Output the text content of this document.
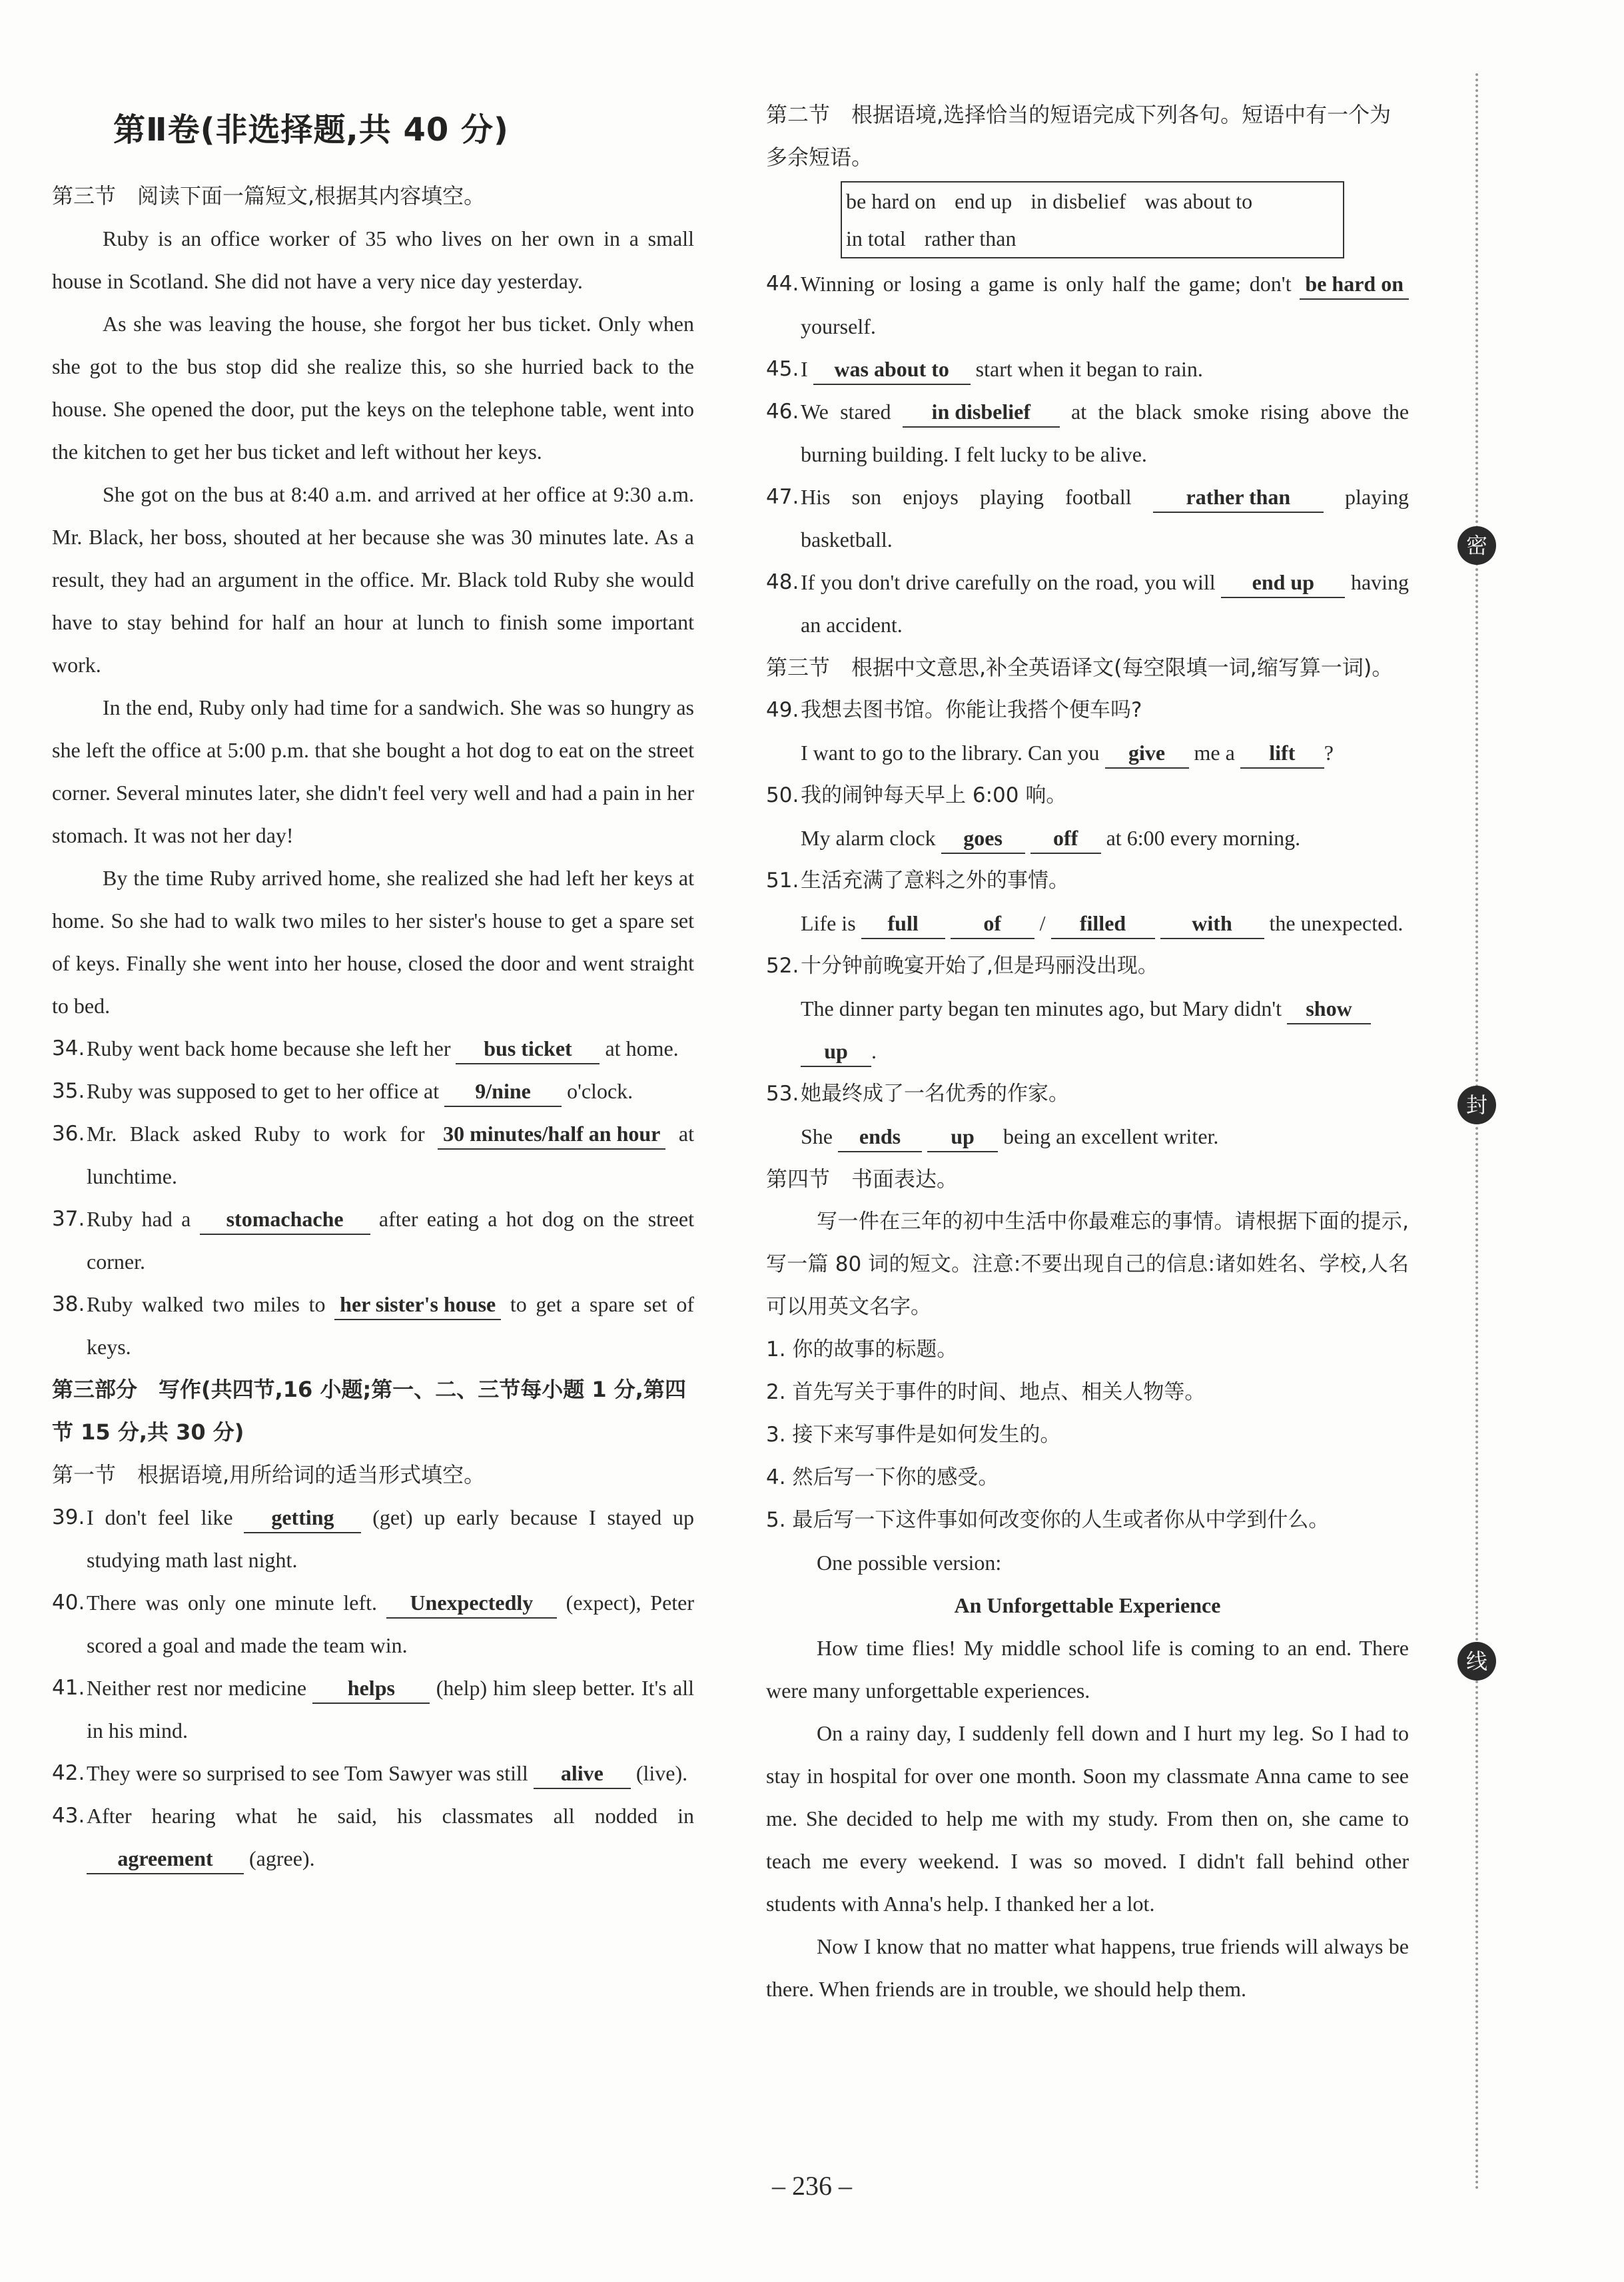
第Ⅱ卷(非选择题,共 40 分)
第三节　阅读下面一篇短文,根据其内容填空。

Ruby is an office worker of 35 who lives on her own in a small house in Scotland. She did not have a very nice day yesterday.

As she was leaving the house, she forgot her bus ticket. Only when she got to the bus stop did she realize this, so she hurried back to the house. She opened the door, put the keys on the telephone table, went into the kitchen to get her bus ticket and left without her keys.

She got on the bus at 8:40 a.m. and arrived at her office at 9:30 a.m. Mr. Black, her boss, shouted at her because she was 30 minutes late. As a result, they had an argument in the office. Mr. Black told Ruby she would have to stay behind for half an hour at lunch to finish some important work.

In the end, Ruby only had time for a sandwich. She was so hungry as she left the office at 5:00 p.m. that she bought a hot dog to eat on the street corner. Several minutes later, she didn't feel very well and had a pain in her stomach. It was not her day!

By the time Ruby arrived home, she realized she had left her keys at home. So she had to walk two miles to her sister's house to get a spare set of keys. Finally she went into her house, closed the door and went straight to bed.

34. Ruby went back home because she left her bus ticket at home.

35. Ruby was supposed to get to her office at 9/nine o'clock.

36. Mr. Black asked Ruby to work for 30 minutes/half an hour at lunchtime.

37. Ruby had a stomachache after eating a hot dog on the street corner.

38. Ruby walked two miles to her sister's house to get a spare set of keys.

第三部分　写作(共四节,16 小题;第一、二、三节每小题 1 分,第四节 15 分,共 30 分)
第一节　根据语境,用所给词的适当形式填空。

39. I don't feel like getting (get) up early because I stayed up studying math last night.

40. There was only one minute left. Unexpectedly (expect), Peter scored a goal and made the team win.

41. Neither rest nor medicine helps (help) him sleep better. It's all in his mind.

42. They were so surprised to see Tom Sawyer was still alive (live).

43. After hearing what he said, his classmates all nodded in agreement (agree).

第二节　根据语境,选择恰当的短语完成下列各句。短语中有一个为多余短语。
be hard on end up in disbelief was about to
in total rather than

44. Winning or losing a game is only half the game; don't be hard on yourself.

45. I was about to start when it began to rain.

46. We stared in disbelief at the black smoke rising above the burning building. I felt lucky to be alive.

47. His son enjoys playing football	rather than	playing basketball.

48. If you don't drive carefully on the road, you will end up having an accident.

第三节　根据中文意思,补全英语译文(每空限填一词,缩写算一词)。
49. 我想去图书馆。你能让我搭个便车吗?
I want to go to the library. Can you give me a lift ?
50. 我的闹钟每天早上 6:00 响。
My alarm clock goes off at 6:00 every morning.
51. 生活充满了意料之外的事情。
Life is full	of / filled	with the unexpected.
52. 十分钟前晚宴开始了,但是玛丽没出现。
The dinner party began ten minutes ago, but Mary didn't show up .
53. 她最终成了一名优秀的作家。
She ends up being an excellent writer.
第四节　书面表达。

写一件在三年的初中生活中你最难忘的事情。请根据下面的提示,写一篇 80 词的短文。注意:不要出现自己的信息:诸如姓名、学校,人名可以用英文名字。

1. 你的故事的标题。
2. 首先写关于事件的时间、地点、相关人物等。
3. 接下来写事件是如何发生的。
4. 然后写一下你的感受。
5. 最后写一下这件事如何改变你的人生或者你从中学到什么。
One possible version:
An Unforgettable Experience

How time flies! My middle school life is coming to an end. There were many unforgettable experiences.

On a rainy day, I suddenly fell down and I hurt my leg. So I had to stay in hospital for over one month. Soon my classmate Anna came to see me. She decided to help me with my study. From then on, she came to teach me every weekend. I was so moved. I didn't fall behind other students with Anna's help. I thanked her a lot.

Now I know that no matter what happens, true friends will always be there. When friends are in trouble, we should help them.

密
封
线
– 236 –
